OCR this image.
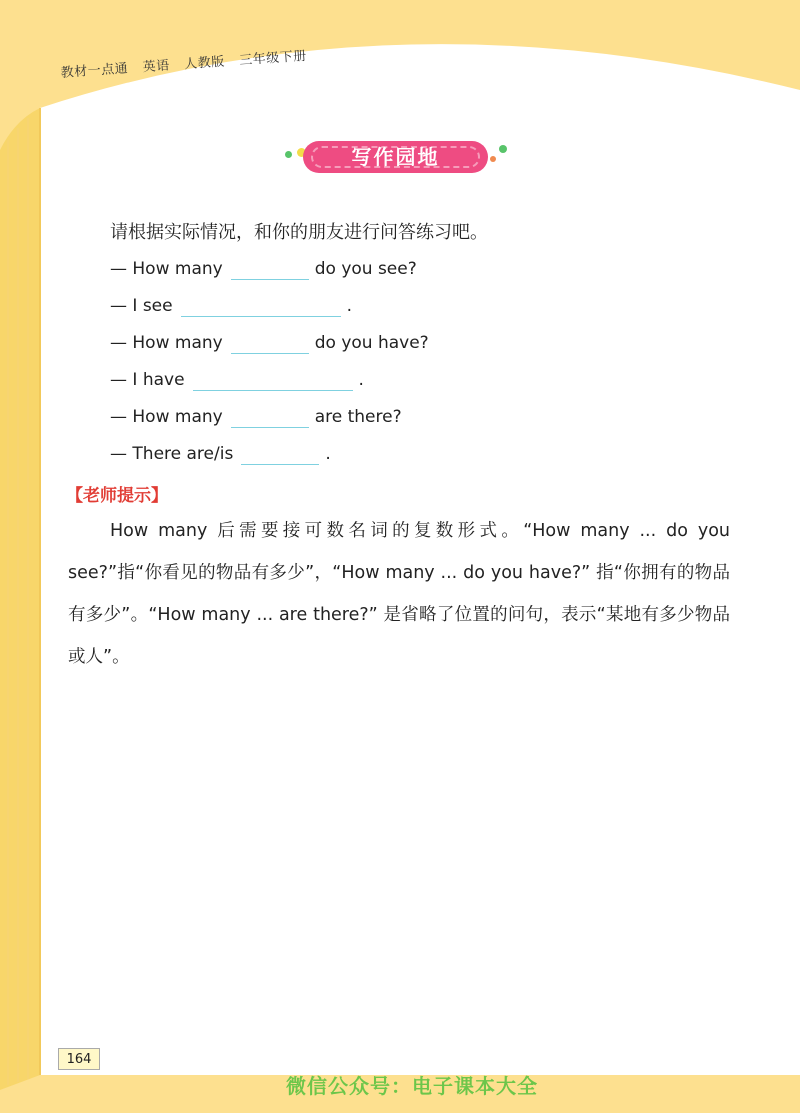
教材一点通 英语 人教版 三年级下册
写作园地
请根据实际情况，和你的朋友进行问答练习吧。
— How many	do you see?
— I see	.
— How many	do you have?
— I have	.
— How many	are there?
— There are/is	.
【老师提示】
How many 后需要接可数名词的复数形式。“How many ... do you see?”指“你看见的物品有多少”，“How many ... do you have?” 指“你拥有的物品有多少”。“How many ... are there?” 是省略了位置的问句，表示“某地有多少物品或人”。
164
微信公众号：电子课本大全
